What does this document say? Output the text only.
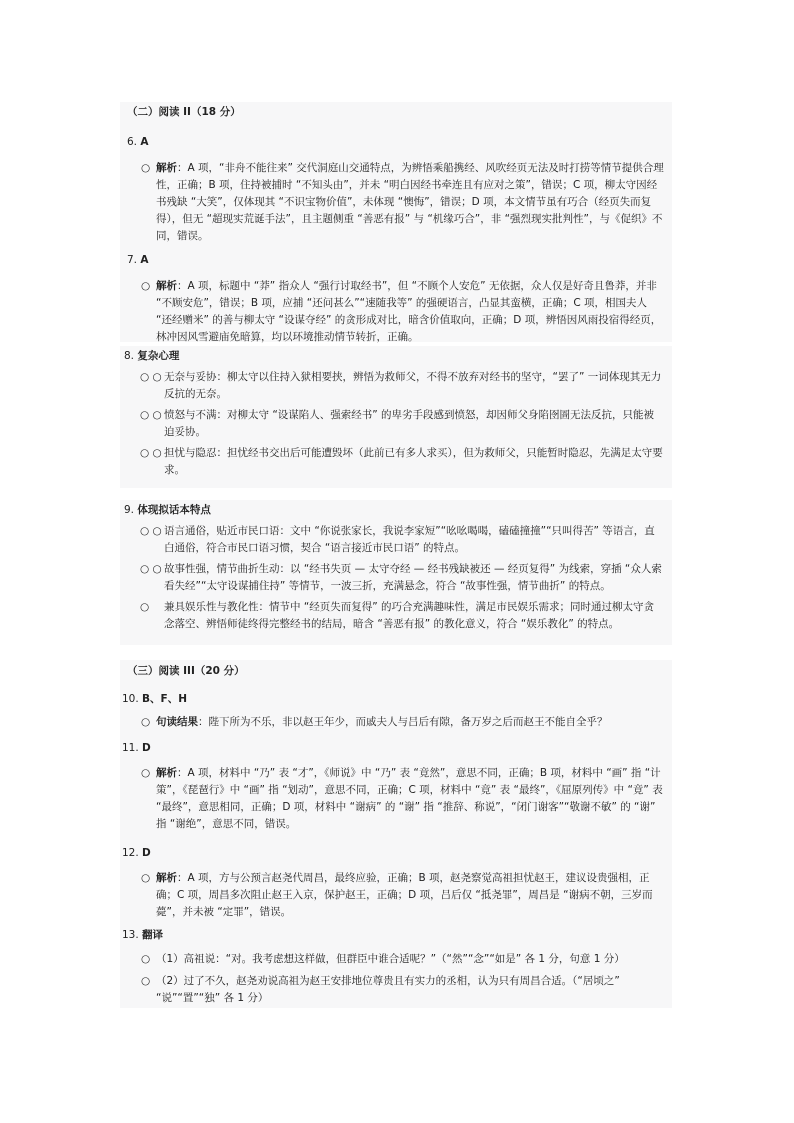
（二）阅读 II（18 分）
6. A
○ 解析：A 项，“非舟不能往来” 交代洞庭山交通特点，为辨悟乘船携经、风吹经页无法及时打捞等情节提供合理性，正确；B 项，住持被捕时 “不知头由”，并未 “明白因经书牵连且有应对之策”，错误；C 项，柳太守因经书残缺 “大笑”，仅体现其 “不识宝物价值”，未体现 “懊悔”，错误；D 项，本文情节虽有巧合（经页失而复得），但无 “超现实荒诞手法”，且主题侧重 “善恶有报” 与 “机缘巧合”，非 “强烈现实批判性”，与《促织》不同，错误。
7. A
○ 解析：A 项，标题中 “莽” 指众人 “强行讨取经书”，但 “不顾个人安危” 无依据，众人仅是好奇且鲁莽，并非 “不顾安危”，错误；B 项，应捕 “还问甚么”“速随我等” 的强硬语言，凸显其蛮横，正确；C 项，相国夫人 “还经赠米” 的善与柳太守 “设谋夺经” 的贪形成对比，暗含价值取向，正确；D 项，辨悟因风雨投宿得经页，林冲因风雪避庙免暗算，均以环境推动情节转折，正确。
8. 复杂心理
○ ○ 无奈与妥协：柳太守以住持入狱相要挟，辨悟为救师父，不得不放弃对经书的坚守，“罢了” 一词体现其无力反抗的无奈。
○ ○ 愤怒与不满：对柳太守 “设谋陷人、强索经书” 的卑劣手段感到愤怒，却因师父身陷囹圄无法反抗，只能被迫妥协。
○ ○ 担忧与隐忍：担忧经书交出后可能遭毁坏（此前已有多人求买），但为救师父，只能暂时隐忍，先满足太守要求。
9. 体现拟话本特点
○ ○ 语言通俗，贴近市民口语：文中 “你说张家长，我说李家短”“吆吆喝喝，磕磕撞撞”“只叫得苦” 等语言，直白通俗，符合市民口语习惯，契合 “语言接近市民口语” 的特点。
○ ○ 故事性强，情节曲折生动：以 “经书失页 — 太守夺经 — 经书残缺被还 — 经页复得” 为线索，穿插 “众人索看失经”“太守设谋捕住持” 等情节，一波三折，充满悬念，符合 “故事性强，情节曲折” 的特点。
○ 兼具娱乐性与教化性：情节中 “经页失而复得” 的巧合充满趣味性，满足市民娱乐需求；同时通过柳太守贪念落空、辨悟师徒终得完整经书的结局，暗含 “善恶有报” 的教化意义，符合 “娱乐教化” 的特点。
（三）阅读 III（20 分）
10. B、F、H
○ 句读结果：陛下所为不乐，非以赵王年少，而戚夫人与吕后有隙，备万岁之后而赵王不能自全乎？
11. D
○ 解析：A 项，材料中 “乃” 表 “才”，《师说》中 “乃” 表 “竟然”，意思不同，正确；B 项，材料中 “画” 指 “计策”，《琵琶行》中 “画” 指 “划动”，意思不同，正确；C 项，材料中 “竟” 表 “最终”，《屈原列传》中 “竟” 表 “最终”，意思相同，正确；D 项，材料中 “谢病” 的 “谢” 指 “推辞、称说”，“闭门谢客”“敬谢不敏” 的 “谢” 指 “谢绝”，意思不同，错误。
12. D
○ 解析：A 项，方与公预言赵尧代周昌，最终应验，正确；B 项，赵尧察觉高祖担忧赵王，建议设贵强相，正确；C 项，周昌多次阻止赵王入京，保护赵王，正确；D 项，吕后仅 “抵尧罪”，周昌是 “谢病不朝，三岁而薨”，并未被 “定罪”，错误。
13. 翻译
○ （1）高祖说：“对。我考虑想这样做，但群臣中谁合适呢？”（“然”“念”“如是” 各 1 分，句意 1 分）
○ （2）过了不久，赵尧劝说高祖为赵王安排地位尊贵且有实力的丞相，认为只有周昌合适。（“居顷之” “说”“置”“独” 各 1 分）
